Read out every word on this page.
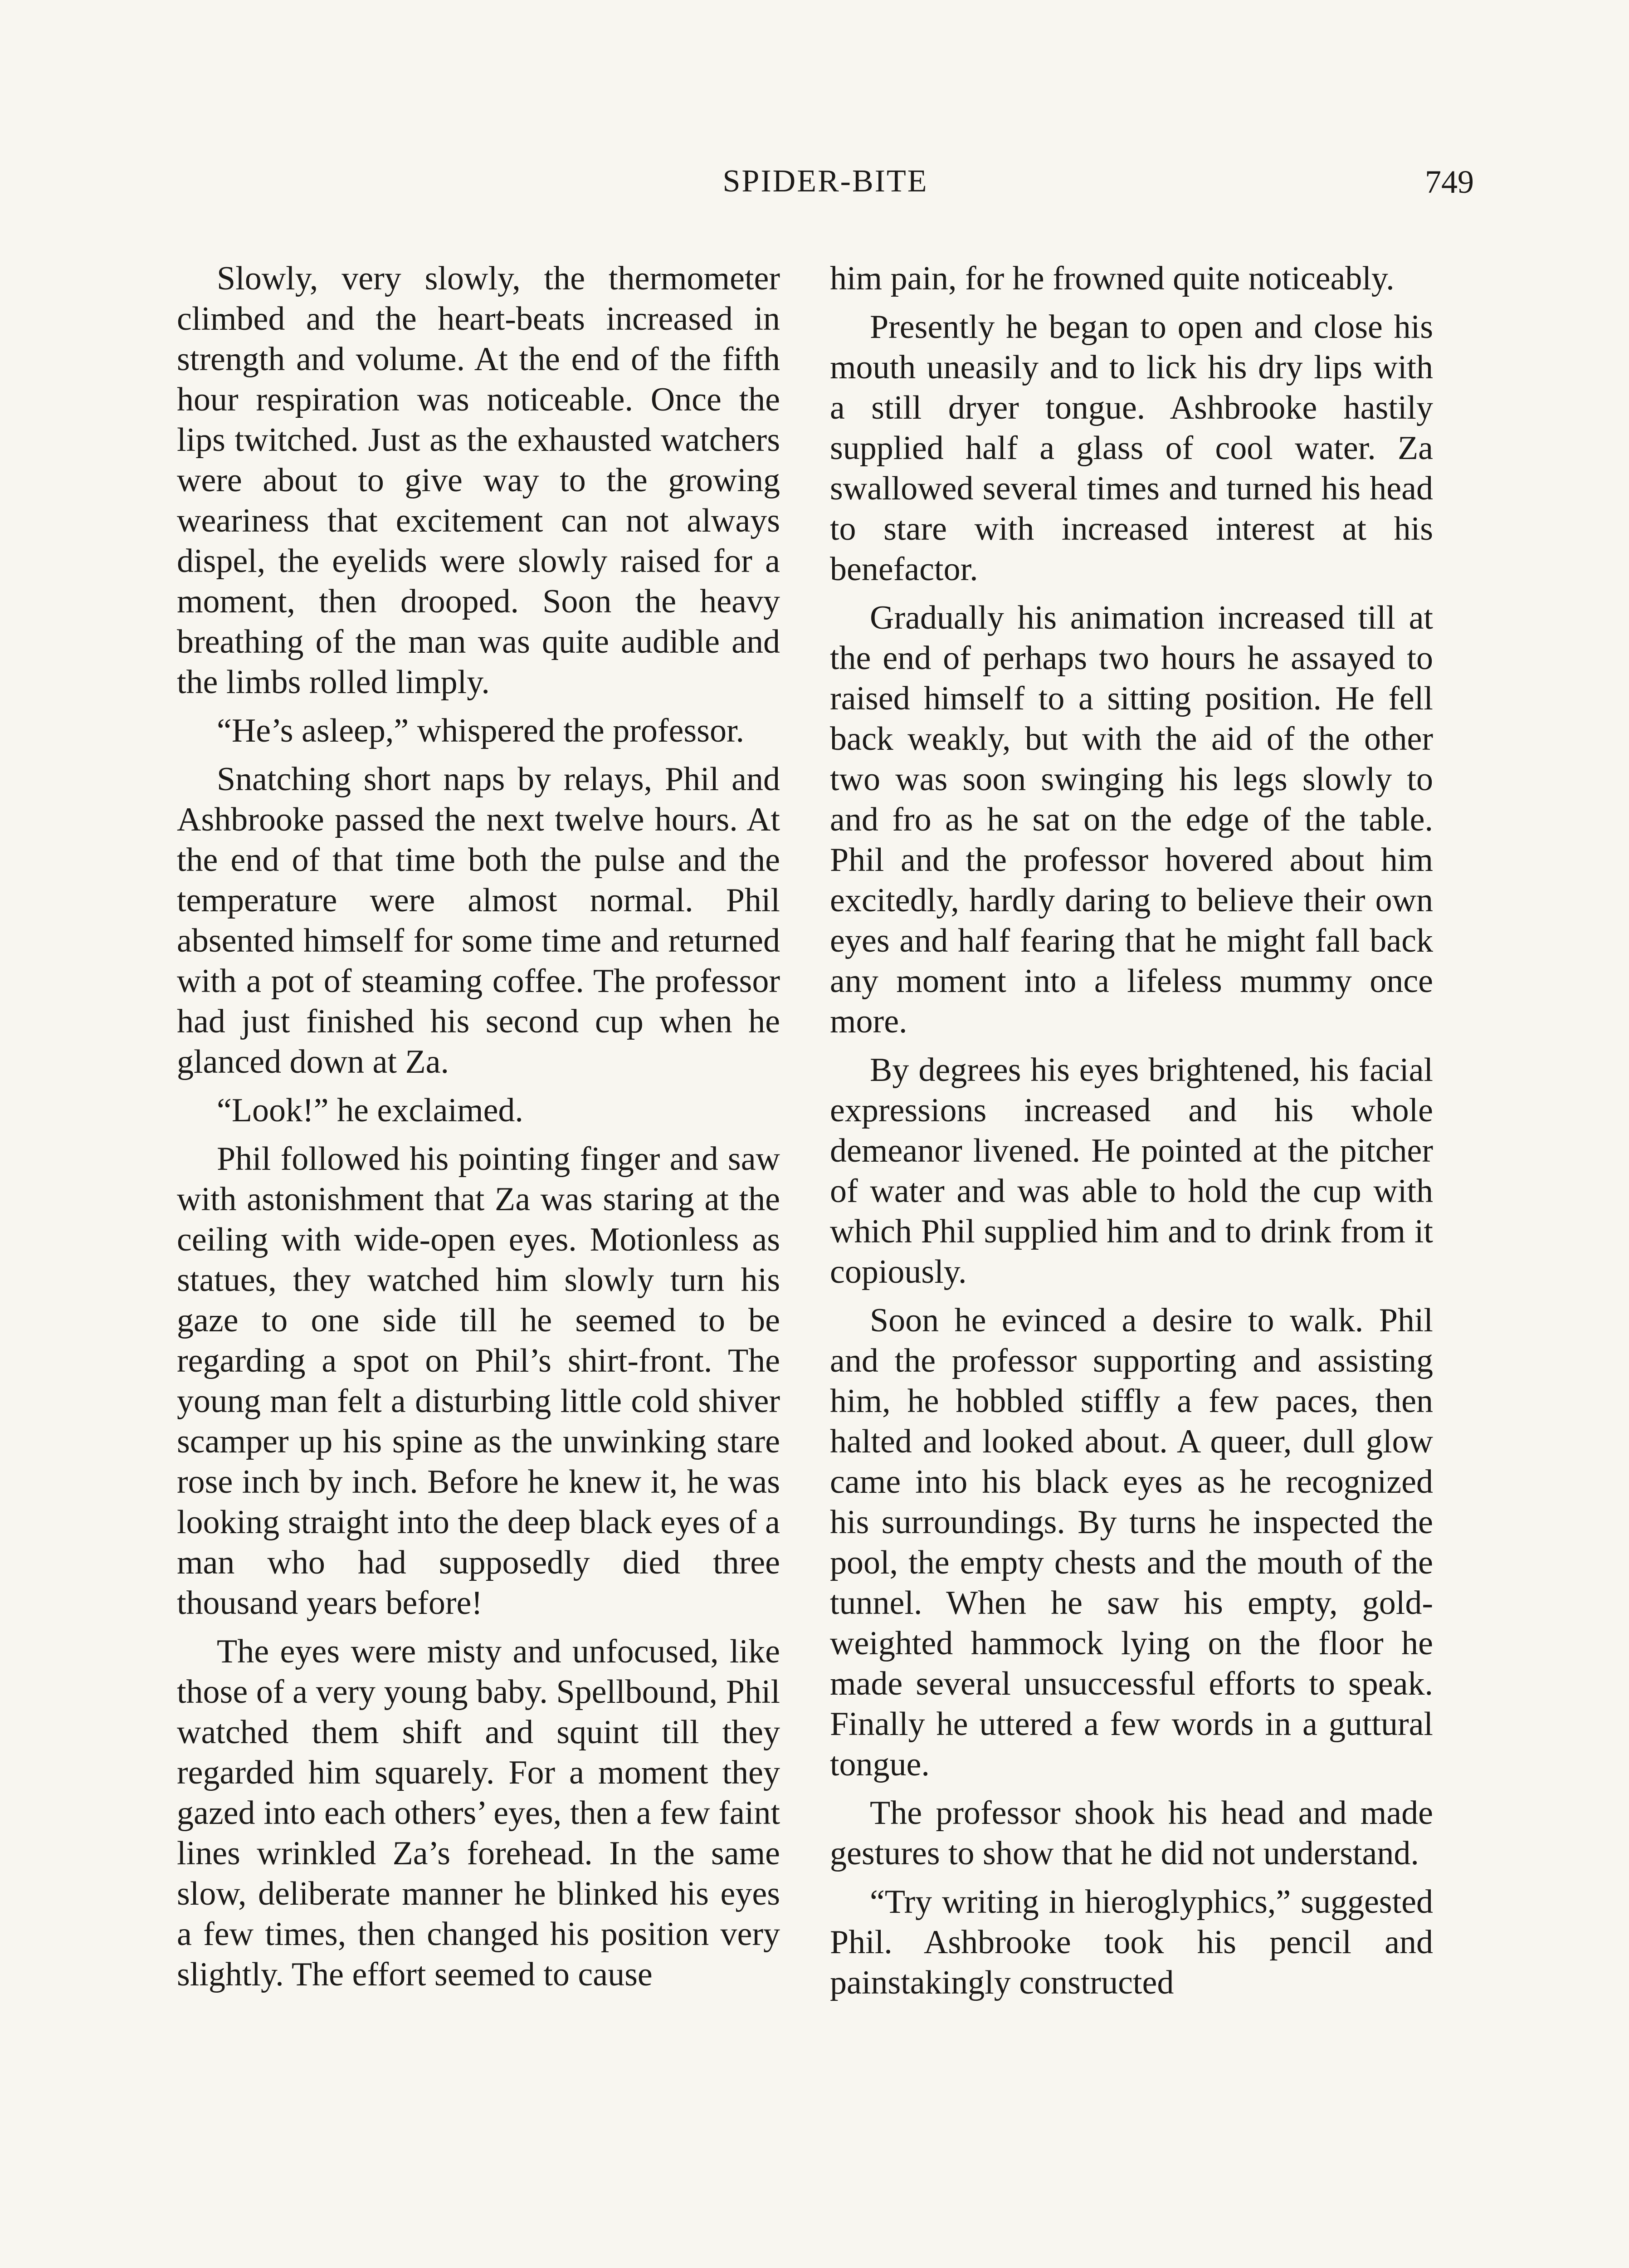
SPIDER-BITE	749

Slowly, very slowly, the thermometer climbed and the heart-beats increased in strength and volume. At the end of the fifth hour respiration was noticeable. Once the lips twitched. Just as the exhausted watchers were about to give way to the growing weariness that excitement can not always dispel, the eyelids were slowly raised for a moment, then drooped. Soon the heavy breathing of the man was quite audible and the limbs rolled limply.

“He’s asleep,” whispered the professor.

Snatching short naps by relays, Phil and Ashbrooke passed the next twelve hours. At the end of that time both the pulse and the temperature were almost normal. Phil absented himself for some time and returned with a pot of steaming coffee. The professor had just finished his second cup when he glanced down at Za.

“Look!” he exclaimed.

Phil followed his pointing finger and saw with astonishment that Za was staring at the ceiling with wide-open eyes. Motionless as statues, they watched him slowly turn his gaze to one side till he seemed to be regarding a spot on Phil’s shirt-front. The young man felt a disturbing little cold shiver scamper up his spine as the unwinking stare rose inch by inch. Before he knew it, he was looking straight into the deep black eyes of a man who had supposedly died three thousand years before!

The eyes were misty and unfocused, like those of a very young baby. Spellbound, Phil watched them shift and squint till they regarded him squarely. For a moment they gazed into each others’ eyes, then a few faint lines wrinkled Za’s forehead. In the same slow, deliberate manner he blinked his eyes a few times, then changed his position very slightly. The effort seemed to cause

him pain, for he frowned quite noticeably.

Presently he began to open and close his mouth uneasily and to lick his dry lips with a still dryer tongue. Ashbrooke hastily supplied half a glass of cool water. Za swallowed several times and turned his head to stare with increased interest at his benefactor.

Gradually his animation increased till at the end of perhaps two hours he assayed to raised himself to a sitting position. He fell back weakly, but with the aid of the other two was soon swinging his legs slowly to and fro as he sat on the edge of the table. Phil and the professor hovered about him excitedly, hardly daring to believe their own eyes and half fearing that he might fall back any moment into a lifeless mummy once more.

By degrees his eyes brightened, his facial expressions increased and his whole demeanor livened. He pointed at the pitcher of water and was able to hold the cup with which Phil supplied him and to drink from it copiously.

Soon he evinced a desire to walk. Phil and the professor supporting and assisting him, he hobbled stiffly a few paces, then halted and looked about. A queer, dull glow came into his black eyes as he recognized his surroundings. By turns he inspected the pool, the empty chests and the mouth of the tunnel. When he saw his empty, gold-weighted hammock lying on the floor he made several unsuccessful efforts to speak. Finally he uttered a few words in a guttural tongue.

The professor shook his head and made gestures to show that he did not understand.

“Try writing in hieroglyphics,” suggested Phil. Ashbrooke took his pencil and painstakingly constructed
